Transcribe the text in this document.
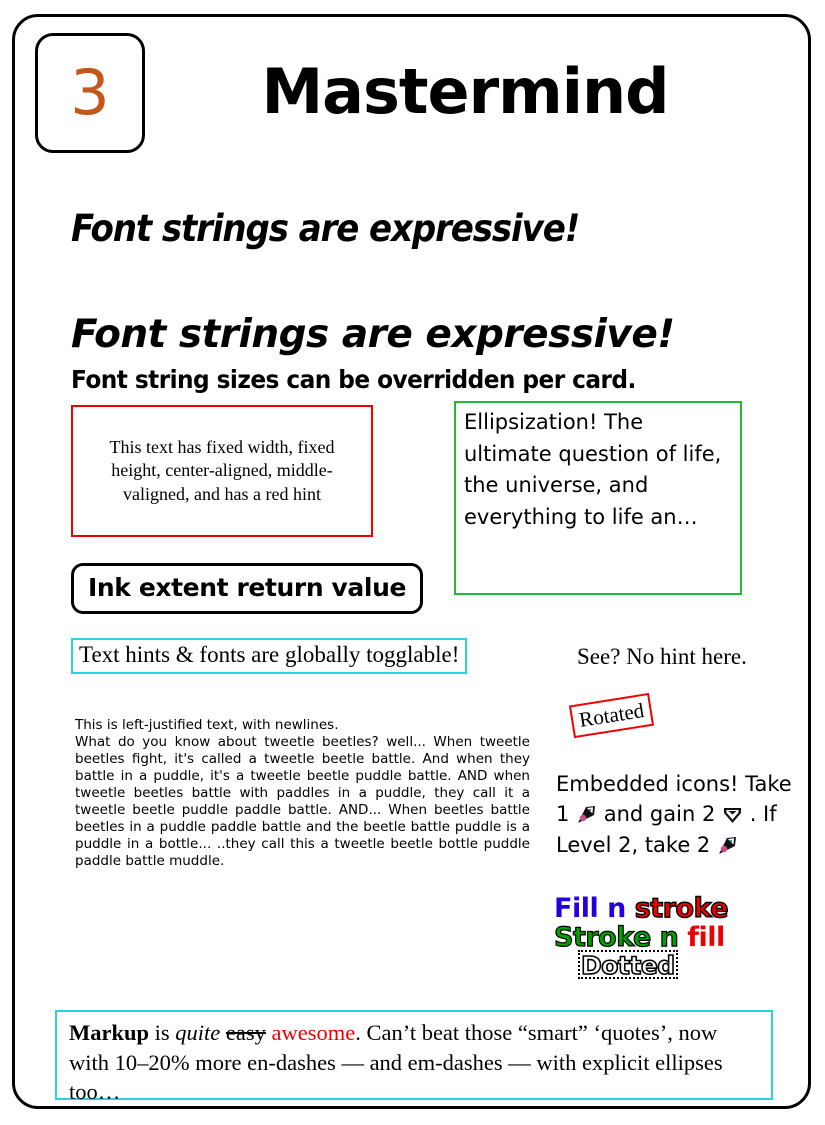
3	Mastermind
Font strings are expressive!
Font strings are expressive!
Font string sizes can be overridden per card.

This text has fixed width, fixed height, center-aligned, middle-valigned, and has a red hint

Ellipsization! The ultimate question of life, the universe, and everything to life an…

Ink extent return value
Text hints & fonts are globally togglable!	See? No hint here.
This is left-justified text, with newlines.
What do you know about tweetle beetles? well... When tweetle beetles fight, it's called a tweetle beetle battle. And when they battle in a puddle, it's a tweetle beetle puddle battle. AND when tweetle beetles battle with paddles in a puddle, they call it a tweetle beetle puddle paddle battle. AND... When beetles battle beetles in a puddle paddle battle and the beetle battle puddle is a puddle in a bottle... ..they call this a tweetle beetle bottle puddle paddle battle muddle.
Rotated
Embedded icons! Take 1 and gain 2 . If Level 2, take 2
Fill n stroke
Stroke n fill
Dotted
Markup is quite easy awesome. Can’t beat those “smart” ‘quotes’, now with 10–20% more en-dashes — and em-dashes — with explicit ellipses too…
